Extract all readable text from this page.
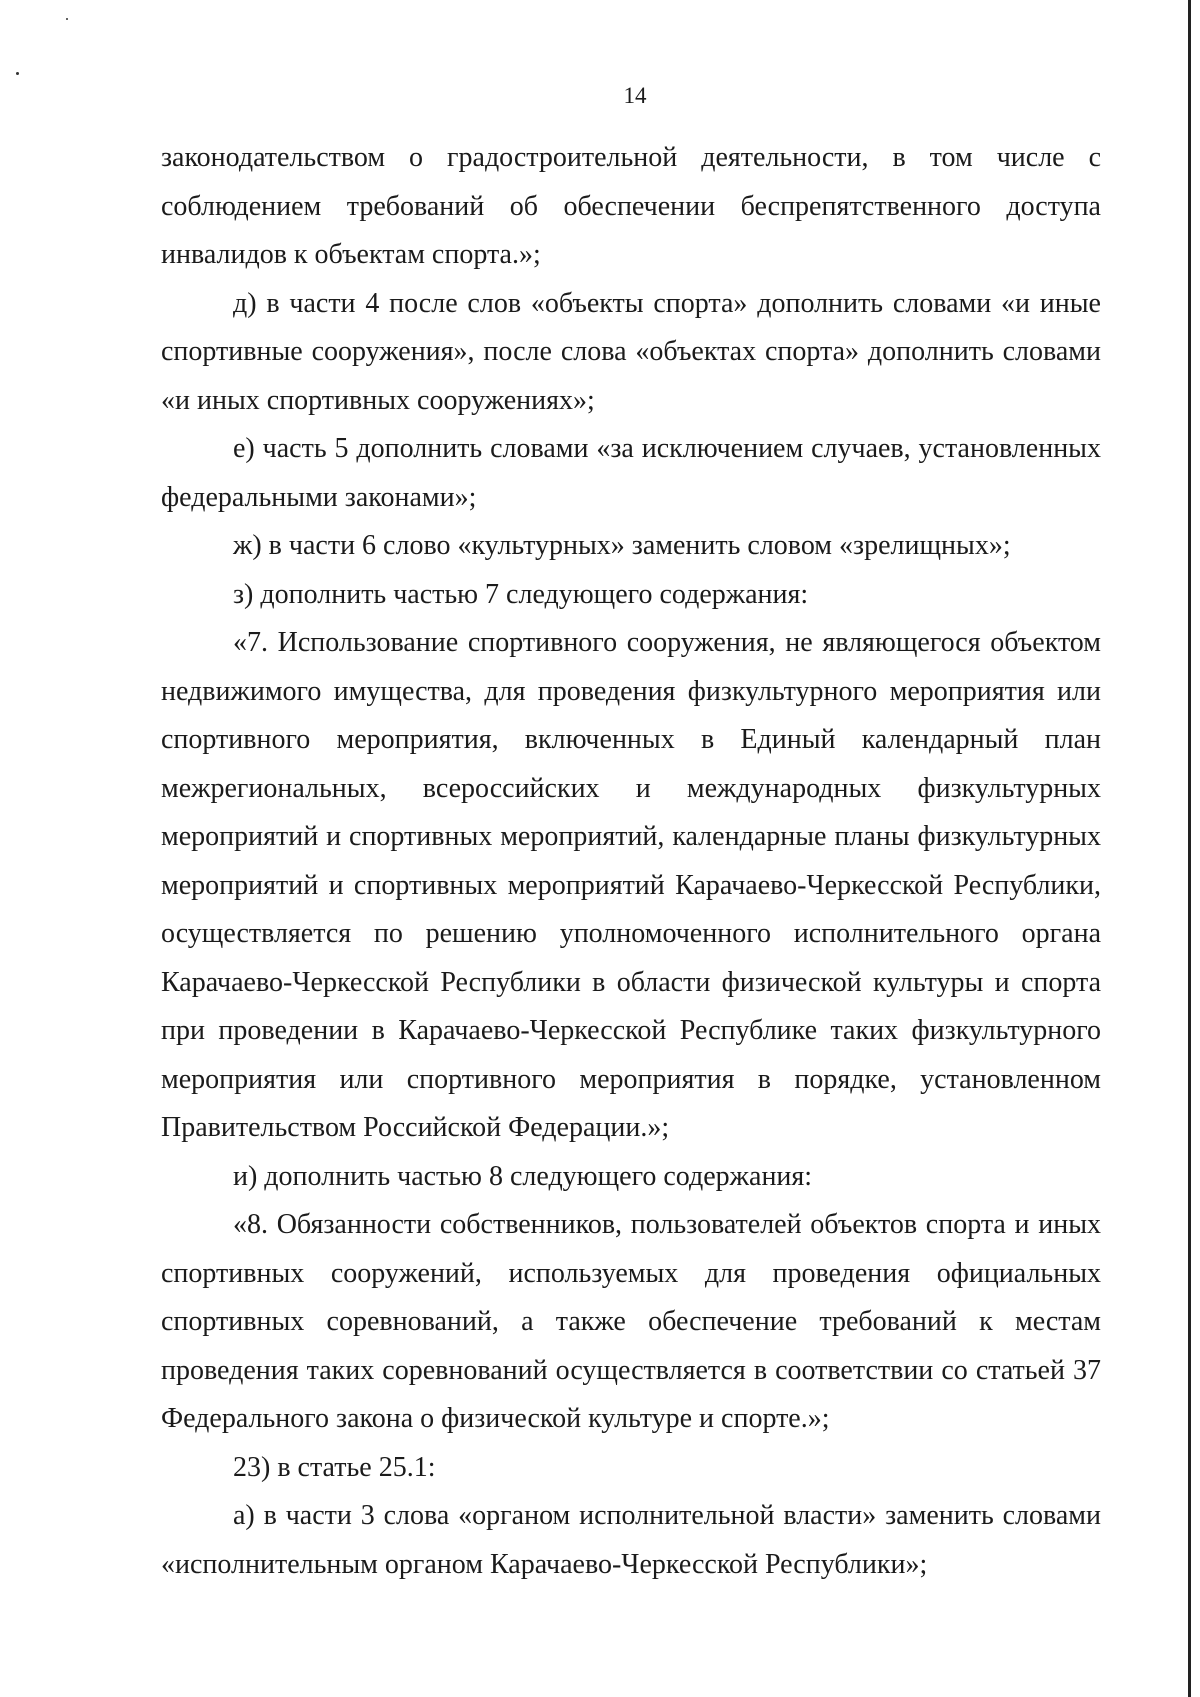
14

законодательством о градостроительной деятельности, в том числе с соблюдением требований об обеспечении беспрепятственного доступа инвалидов к объектам спорта.»;

д) в части 4 после слов «объекты спорта» дополнить словами «и иные спортивные сооружения», после слова «объектах спорта» дополнить словами «и иных спортивных сооружениях»;

е) часть 5 дополнить словами «за исключением случаев, установленных федеральными законами»;

ж) в части 6 слово «культурных» заменить словом «зрелищных»;

з) дополнить частью 7 следующего содержания:

«7. Использование спортивного сооружения, не являющегося объектом недвижимого имущества, для проведения физкультурного мероприятия или спортивного мероприятия, включенных в Единый календарный план межрегиональных, всероссийских и международных физкультурных мероприятий и спортивных мероприятий, календарные планы физкультурных мероприятий и спортивных мероприятий Карачаево-Черкесской Республики, осуществляется по решению уполномоченного исполнительного органа Карачаево-Черкесской Республики в области физической культуры и спорта при проведении в Карачаево-Черкесской Республике таких физкультурного мероприятия или спортивного мероприятия в порядке, установленном Правительством Российской Федерации.»;

и) дополнить частью 8 следующего содержания:

«8. Обязанности собственников, пользователей объектов спорта и иных спортивных сооружений, используемых для проведения официальных спортивных соревнований, а также обеспечение требований к местам проведения таких соревнований осуществляется в соответствии со статьей 37 Федерального закона о физической культуре и спорте.»;

23) в статье 25.1:

а) в части 3 слова «органом исполнительной власти» заменить словами «исполнительным органом Карачаево-Черкесской Республики»;
